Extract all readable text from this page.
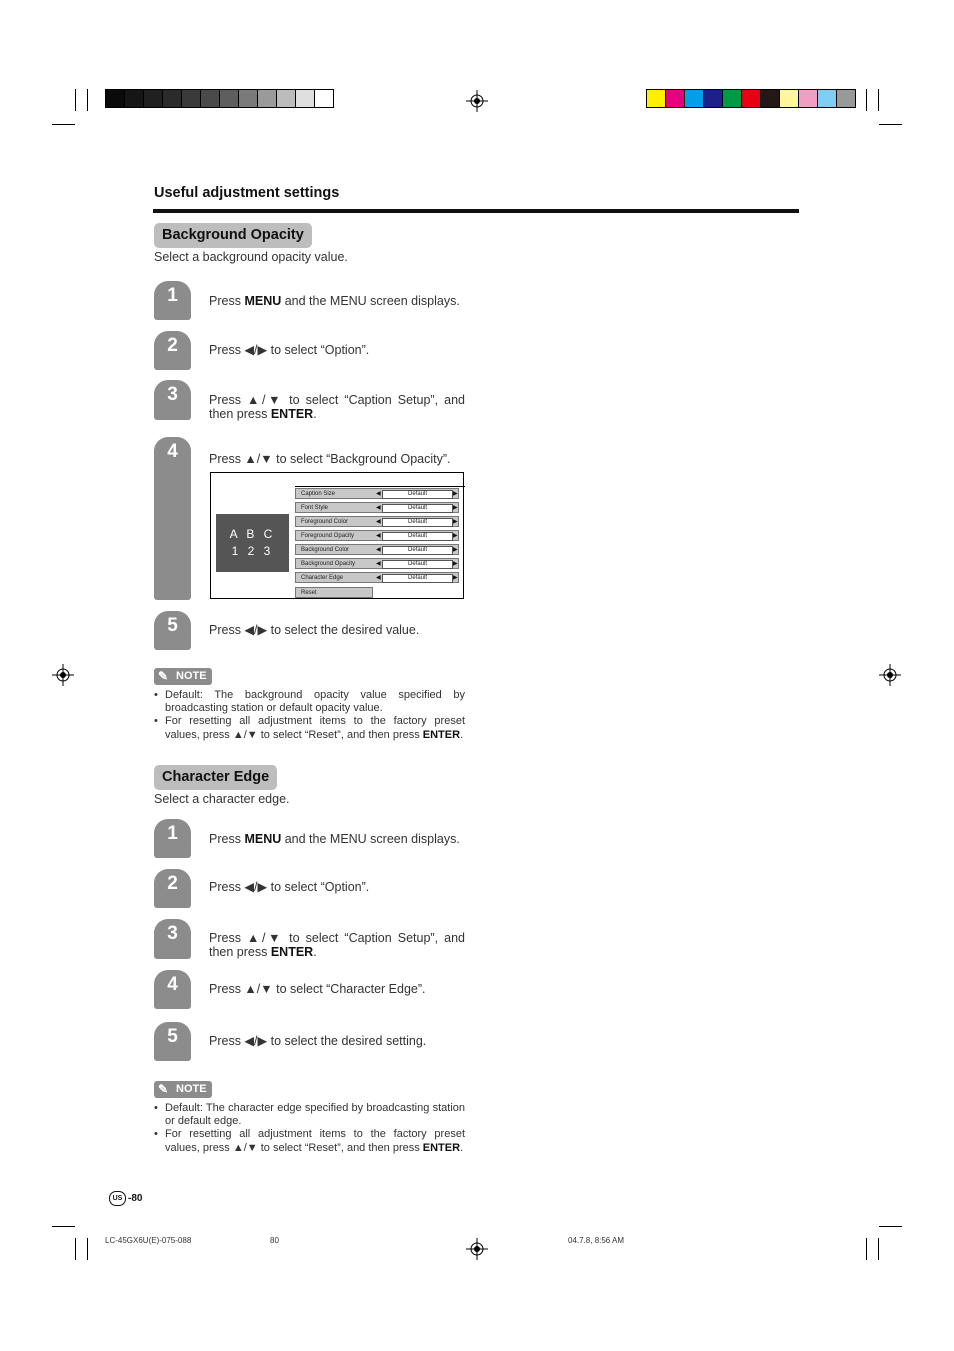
Useful adjustment settings
Background Opacity
Select a background opacity value.
1	Press MENU and the MENU screen displays.
2	Press ◀/▶ to select “Option”.
3	Press ▲/▼ to select “Caption Setup”, and then press ENTER.
4	Press ▲/▼ to select “Background Opacity”.
A B C
1 2 3
Caption Size	◀	Default	▶
Font Style	◀	Default	▶
Foreground Color	◀	Default	▶
Foreground Opacity	◀	Default	▶
Background Color	◀	Default	▶
Background Opacity	◀	Default	▶
Character Edge	◀	Default	▶
Reset
5	Press ◀/▶ to select the desired value.
✎ NOTE
• Default: The background opacity value specified by broadcasting station or default opacity value.
• For resetting all adjustment items to the factory preset values, press ▲/▼ to select “Reset”, and then press ENTER.
Character Edge
Select a character edge.
1	Press MENU and the MENU screen displays.
2	Press ◀/▶ to select “Option”.
3	Press ▲/▼ to select “Caption Setup”, and then press ENTER.
4	Press ▲/▼ to select “Character Edge”.
5	Press ◀/▶ to select the desired setting.
✎ NOTE
• Default: The character edge specified by broadcasting station or default edge.
• For resetting all adjustment items to the factory preset values, press ▲/▼ to select “Reset”, and then press ENTER.
US -80
LC-45GX6U(E)-075-088	80	04.7.8, 8:56 AM
